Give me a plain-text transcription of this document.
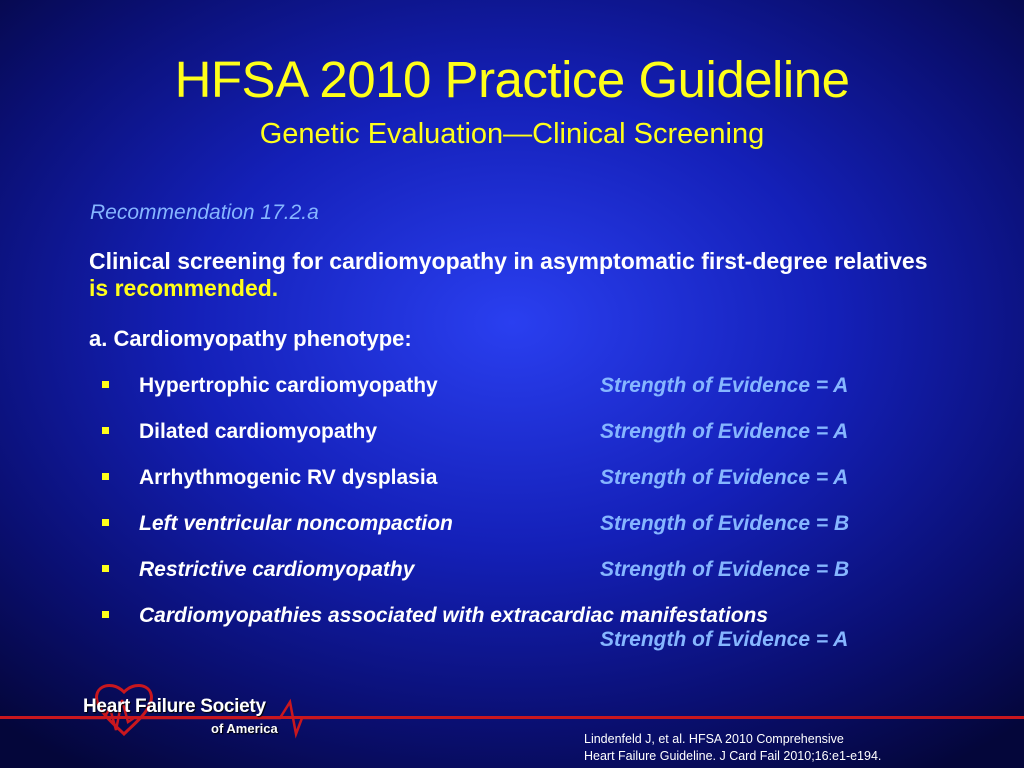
HFSA 2010 Practice Guideline
Genetic Evaluation—Clinical Screening
Recommendation 17.2.a
Clinical screening for cardiomyopathy in asymptomatic first-degree relatives is recommended.
a. Cardiomyopathy phenotype:
Hypertrophic cardiomyopathy	Strength of Evidence = A
Dilated cardiomyopathy	Strength of Evidence = A
Arrhythmogenic RV dysplasia	Strength of Evidence = A
Left ventricular noncompaction	Strength of Evidence = B
Restrictive cardiomyopathy	Strength of Evidence = B
Cardiomyopathies associated with extracardiac manifestations
Strength of Evidence = A
Heart Failure Society
of America
Lindenfeld J, et al. HFSA 2010 Comprehensive
Heart Failure Guideline. J Card Fail 2010;16:e1-e194.
